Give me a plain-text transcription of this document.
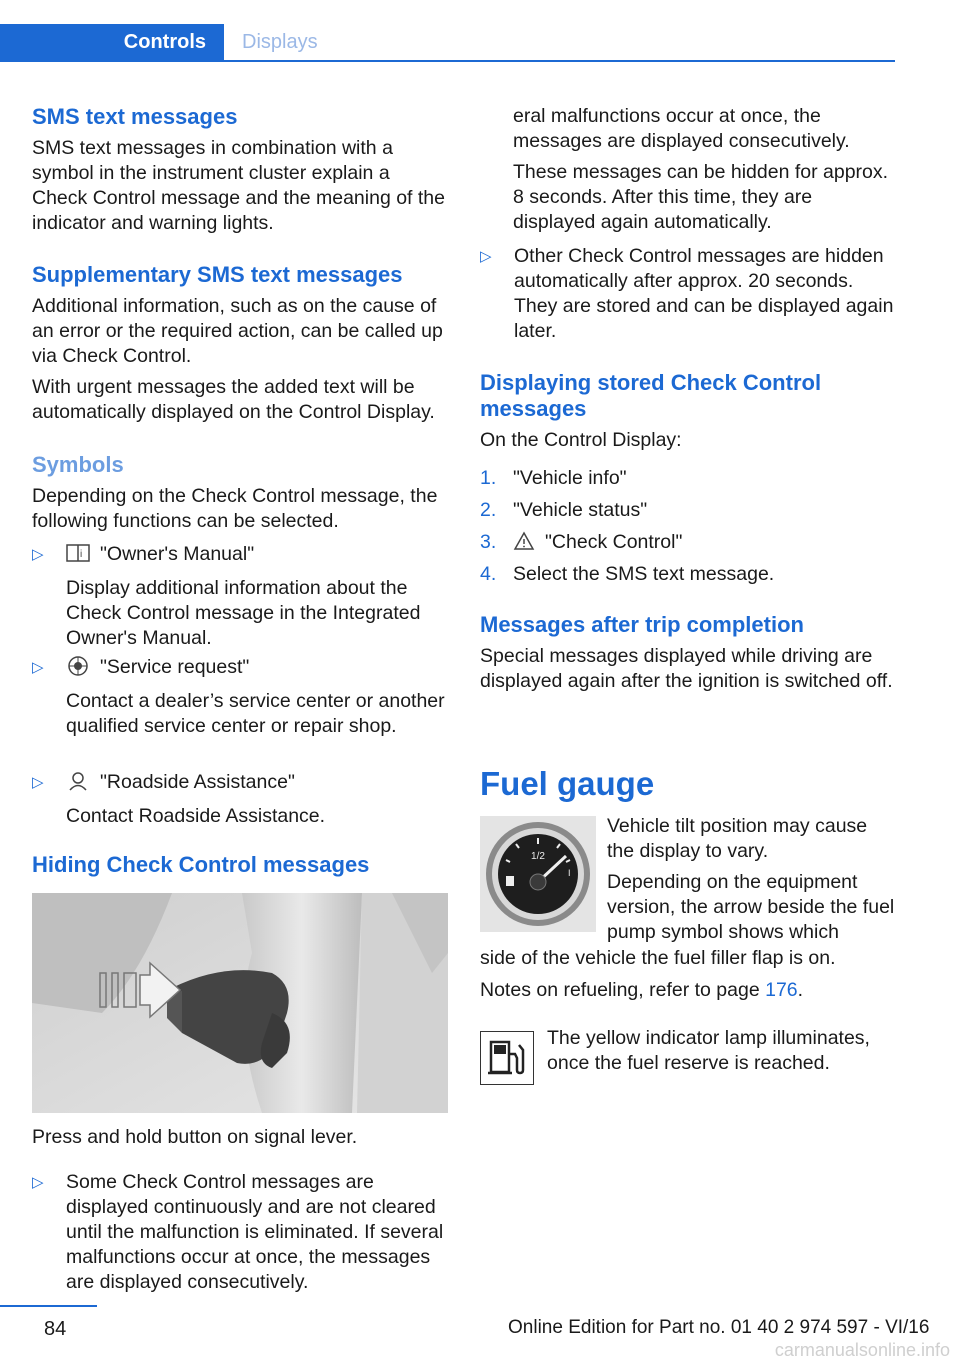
Controls	Displays
SMS text messages

SMS text messages in combination with a symbol in the instrument cluster explain a Check Control message and the meaning of the indicator and warning lights.

Supplementary SMS text messages

Additional information, such as on the cause of an error or the required action, can be called up via Check Control.

With urgent messages the added text will be automatically displayed on the Control Display.

Symbols

Depending on the Check Control message, the following functions can be selected.

▷	i "Owner's Manual"

Display additional information about the Check Control message in the Integrated Owner's Manual.

▷	"Service request"

Contact a dealer’s service center or another qualified service center or repair shop.

▷	"Roadside Assistance"

Contact Roadside Assistance.

Hiding Check Control messages

Press and hold button on signal lever.

▷ Some Check Control messages are displayed continuously and are not cleared until the malfunction is eliminated. If several malfunctions occur at once, the messages are displayed consecutively.

eral malfunctions occur at once, the messages are displayed consecutively.

These messages can be hidden for approx. 8 seconds. After this time, they are displayed again automatically.

▷ Other Check Control messages are hidden automatically after approx. 20 seconds. They are stored and can be displayed again later.

Displaying stored Check Control messages

On the Control Display:

1. "Vehicle info"

2. "Vehicle status"

3.	"Check Control"

4. Select the SMS text message.

Messages after trip completion

Special messages displayed while driving are displayed again after the ignition is switched off.

Fuel gauge
1/2
I

Vehicle tilt position may cause the display to vary.

Depending on the equipment version, the arrow beside the fuel pump symbol shows which

side of the vehicle the fuel filler flap is on.

Notes on refueling, refer to page 176.

The yellow indicator lamp illuminates, once the fuel reserve is reached.

84	Online Edition for Part no. 01 40 2 974 597 - VI/16
carmanualsonline.info
